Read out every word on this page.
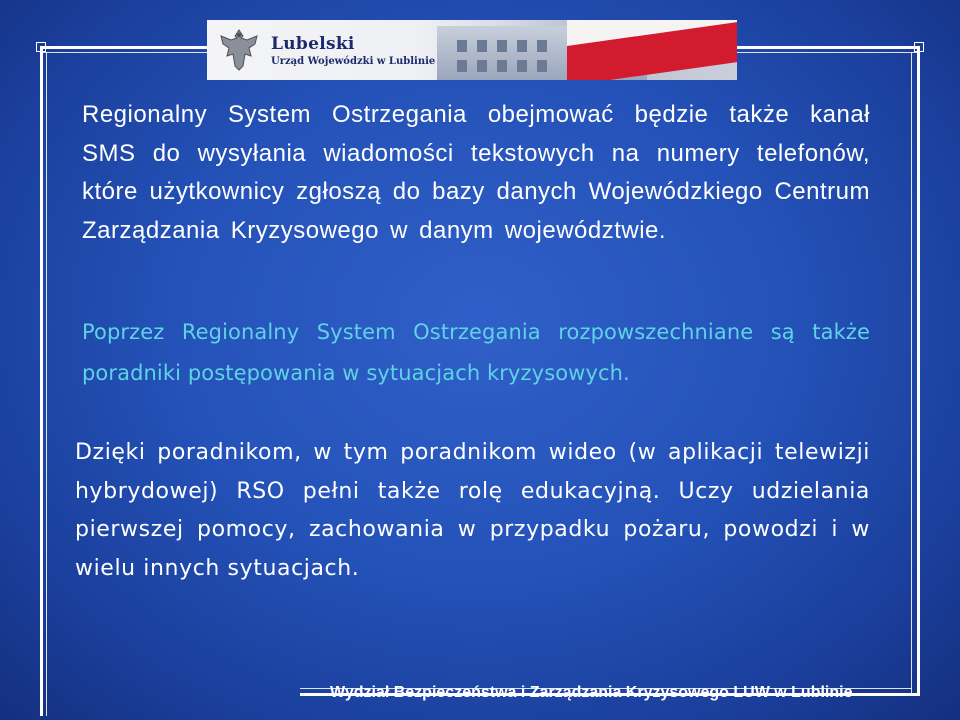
Lubelski
Urząd Wojewódzki w Lublinie
Regionalny System Ostrzegania obejmować będzie także kanał SMS do wysyłania wiadomości tekstowych na numery telefonów, które użytkownicy zgłoszą do bazy danych Wojewódzkiego Centrum Zarządzania Kryzysowego w danym województwie.
Poprzez Regionalny System Ostrzegania rozpowszechniane są także poradniki postępowania w sytuacjach kryzysowych.
Dzięki poradnikom, w tym poradnikom wideo (w aplikacji telewizji hybrydowej) RSO pełni także rolę edukacyjną. Uczy udzielania pierwszej pomocy, zachowania w przypadku pożaru, powodzi i w wielu innych sytuacjach.
Wydział Bezpieczeństwa i Zarządzania Kryzysowego LUW w Lublinie
